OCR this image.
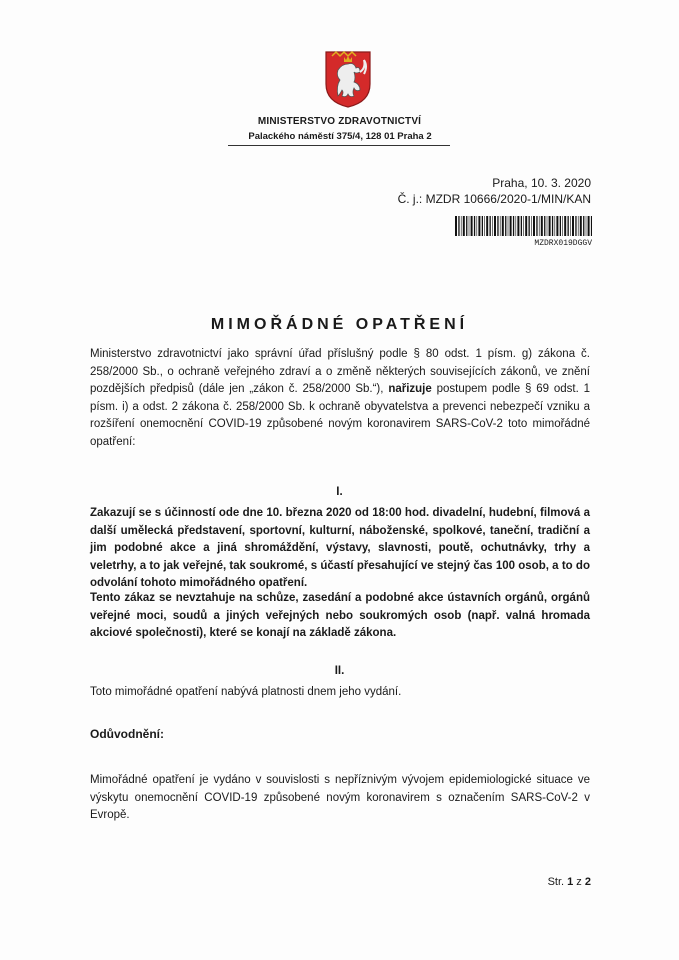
MINISTERSTVO ZDRAVOTNICTVÍ
Palackého náměstí 375/4, 128 01 Praha 2
Praha, 10. 3. 2020
Č. j.: MZDR 10666/2020-1/MIN/KAN
MZDRX019DGGV
MIMOŘÁDNÉ OPATŘENÍ
Ministerstvo zdravotnictví jako správní úřad příslušný podle § 80 odst. 1 písm. g) zákona č. 258/2000 Sb., o ochraně veřejného zdraví a o změně některých souvisejících zákonů, ve znění pozdějších předpisů (dále jen „zákon č. 258/2000 Sb.“), nařizuje postupem podle § 69 odst. 1 písm. i) a odst. 2 zákona č. 258/2000 Sb. k ochraně obyvatelstva a prevenci nebezpečí vzniku a rozšíření onemocnění COVID-19 způsobené novým koronavirem SARS-CoV-2 toto mimořádné opatření:
I.
Zakazují se s účinností ode dne 10. března 2020 od 18:00 hod. divadelní, hudební, filmová a další umělecká představení, sportovní, kulturní, náboženské, spolkové, taneční, tradiční a jim podobné akce a jiná shromáždění, výstavy, slavnosti, poutě, ochutnávky, trhy a veletrhy, a to jak veřejné, tak soukromé, s účastí přesahující ve stejný čas 100 osob, a to do odvolání tohoto mimořádného opatření.
Tento zákaz se nevztahuje na schůze, zasedání a podobné akce ústavních orgánů, orgánů veřejné moci, soudů a jiných veřejných nebo soukromých osob (např. valná hromada akciové společnosti), které se konají na základě zákona.
II.
Toto mimořádné opatření nabývá platnosti dnem jeho vydání.
Odůvodnění:
Mimořádné opatření je vydáno v souvislosti s nepříznivým vývojem epidemiologické situace ve výskytu onemocnění COVID-19 způsobené novým koronavirem s označením SARS-CoV-2 v Evropě.
Str. 1 z 2
